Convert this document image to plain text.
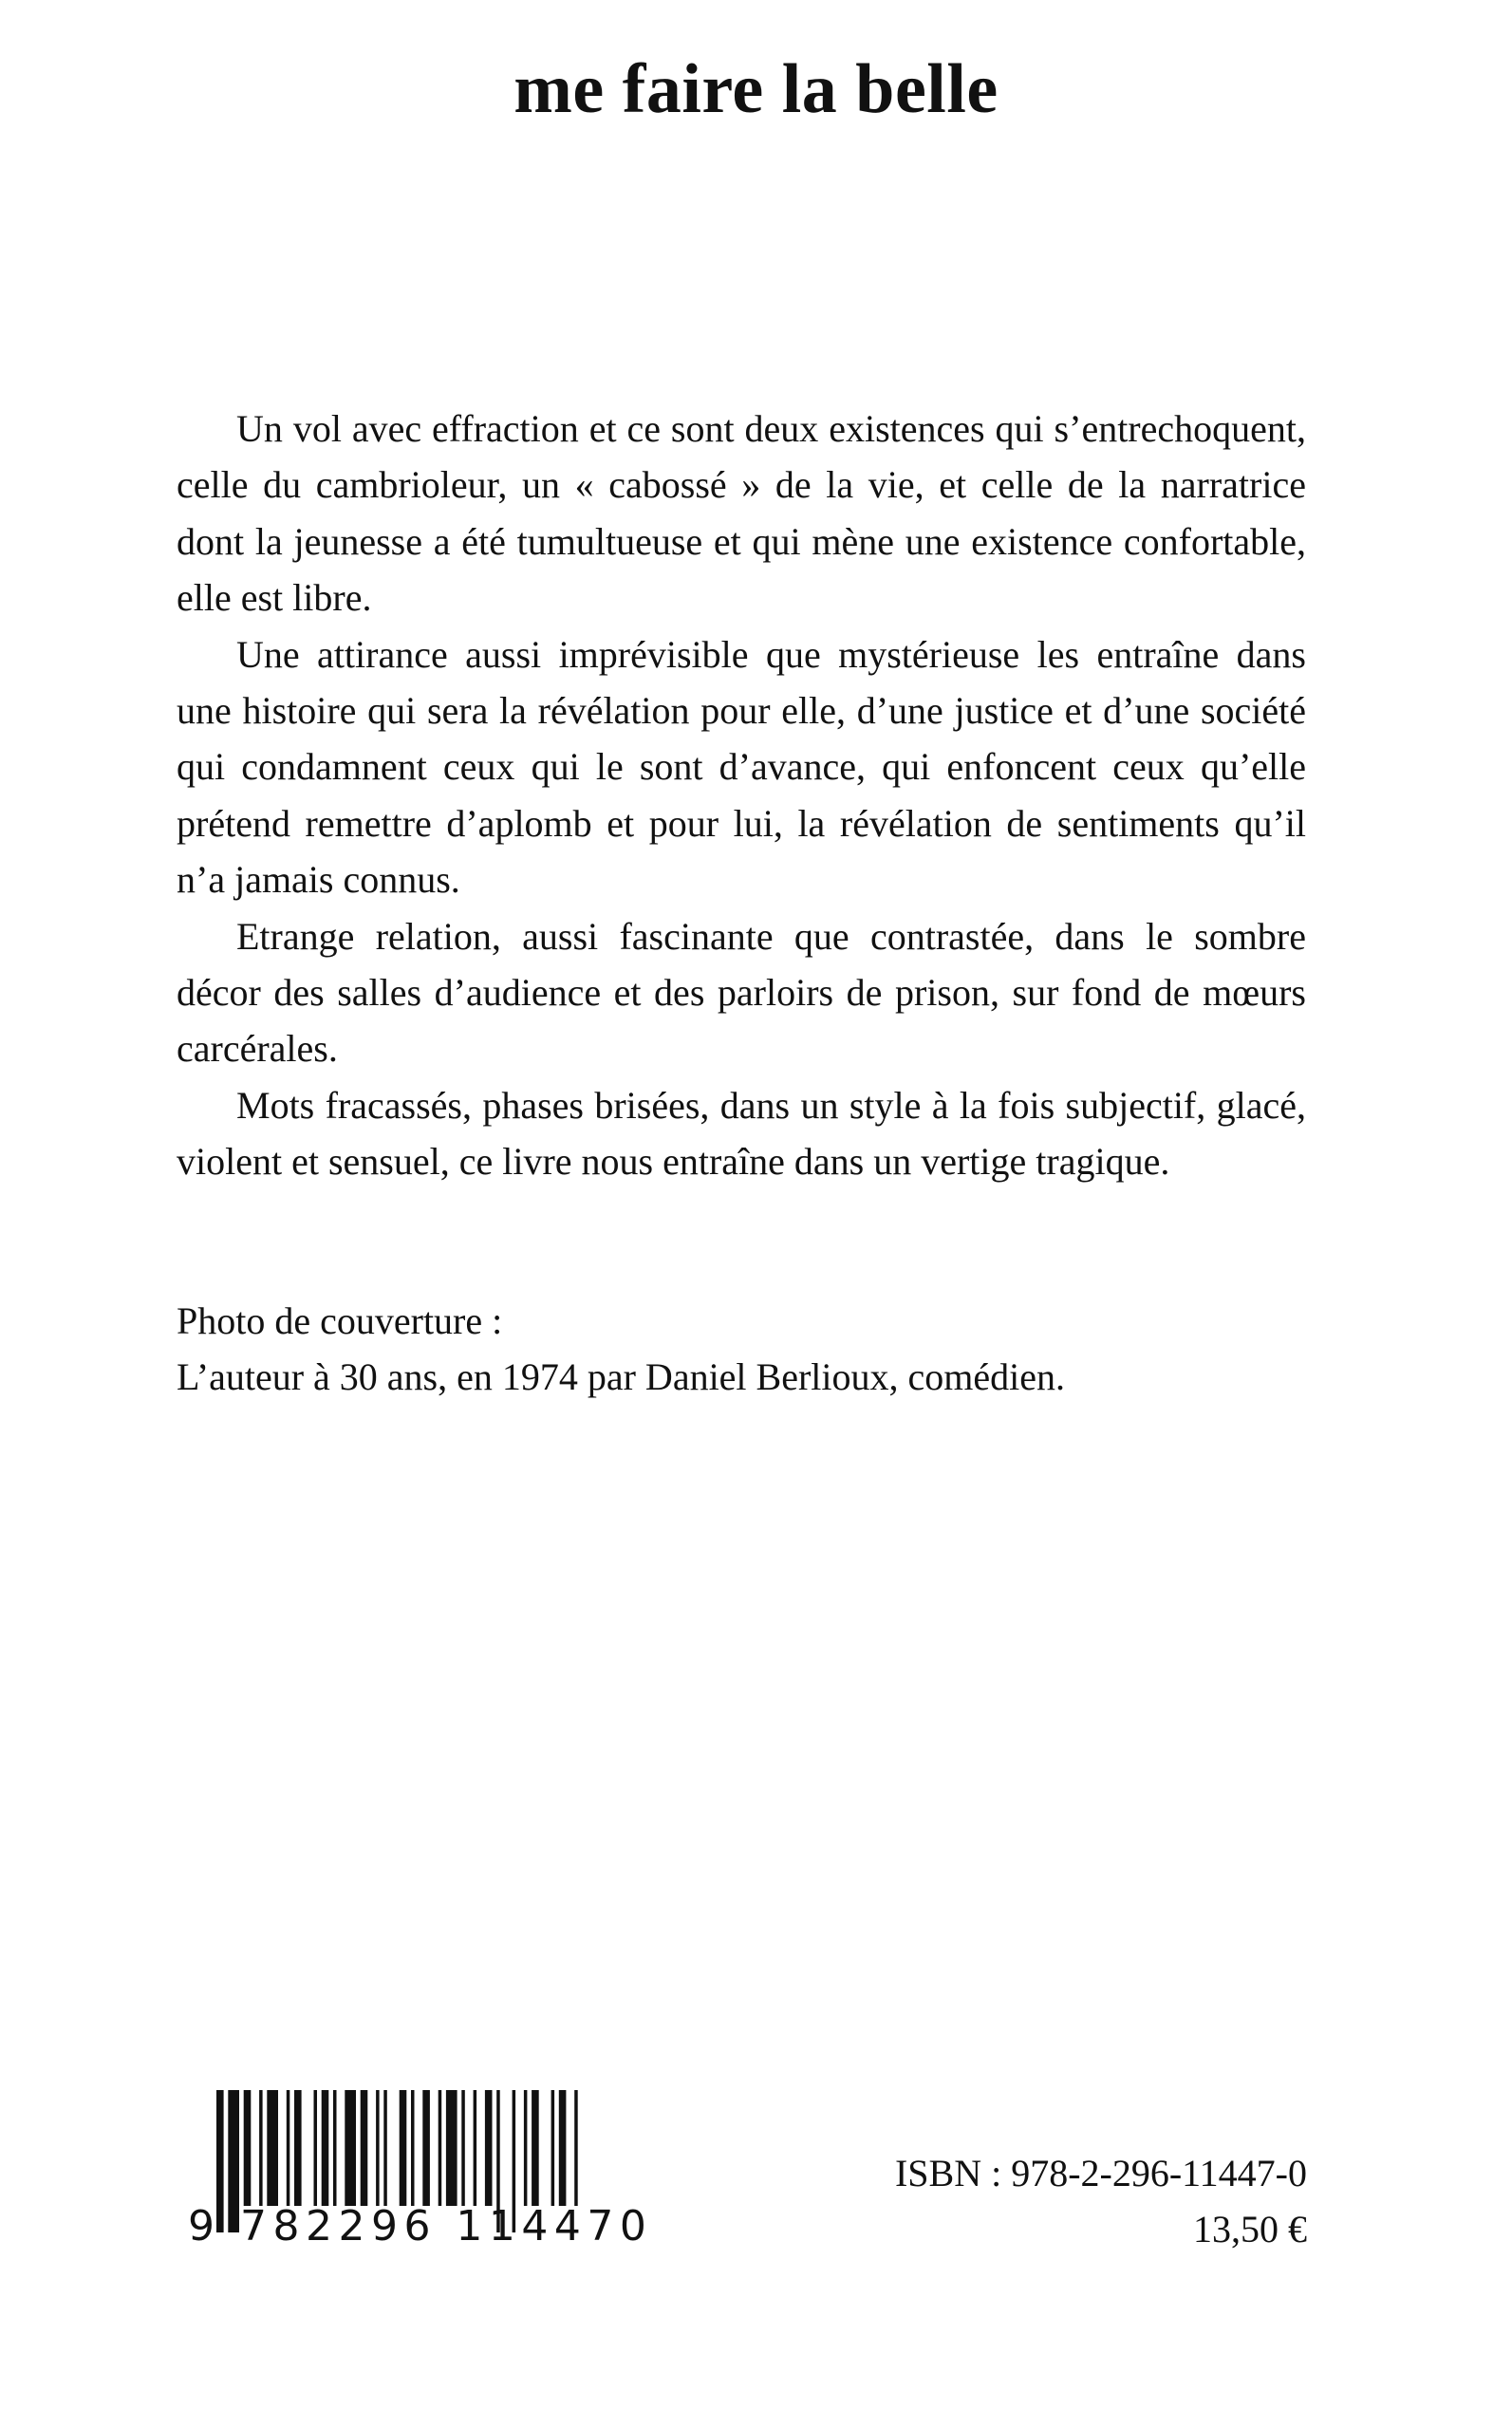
me faire la belle

Un vol avec effraction et ce sont deux existences qui s’entrechoquent, celle du cambrioleur, un « cabossé » de la vie, et celle de la narratrice dont la jeunesse a été tumultueuse et qui mène une existence confortable, elle est libre.

Une attirance aussi imprévisible que mystérieuse les entraîne dans une histoire qui sera la révélation pour elle, d’une justice et d’une société qui condamnent ceux qui le sont d’avance, qui enfoncent ceux qu’elle prétend remettre d’aplomb et pour lui, la révélation de sentiments qu’il n’a jamais connus.

Etrange relation, aussi fascinante que contrastée, dans le sombre décor des salles d’audience et des parloirs de prison, sur fond de mœurs carcérales.

Mots fracassés, phases brisées, dans un style à la fois subjectif, glacé, violent et sensuel, ce livre nous entraîne dans un vertige tragique.

Photo de couverture :
L’auteur à 30 ans, en 1974 par Daniel Berlioux, comédien.
9 782296 114470
ISBN : 978-2-296-11447-0
13,50 €
